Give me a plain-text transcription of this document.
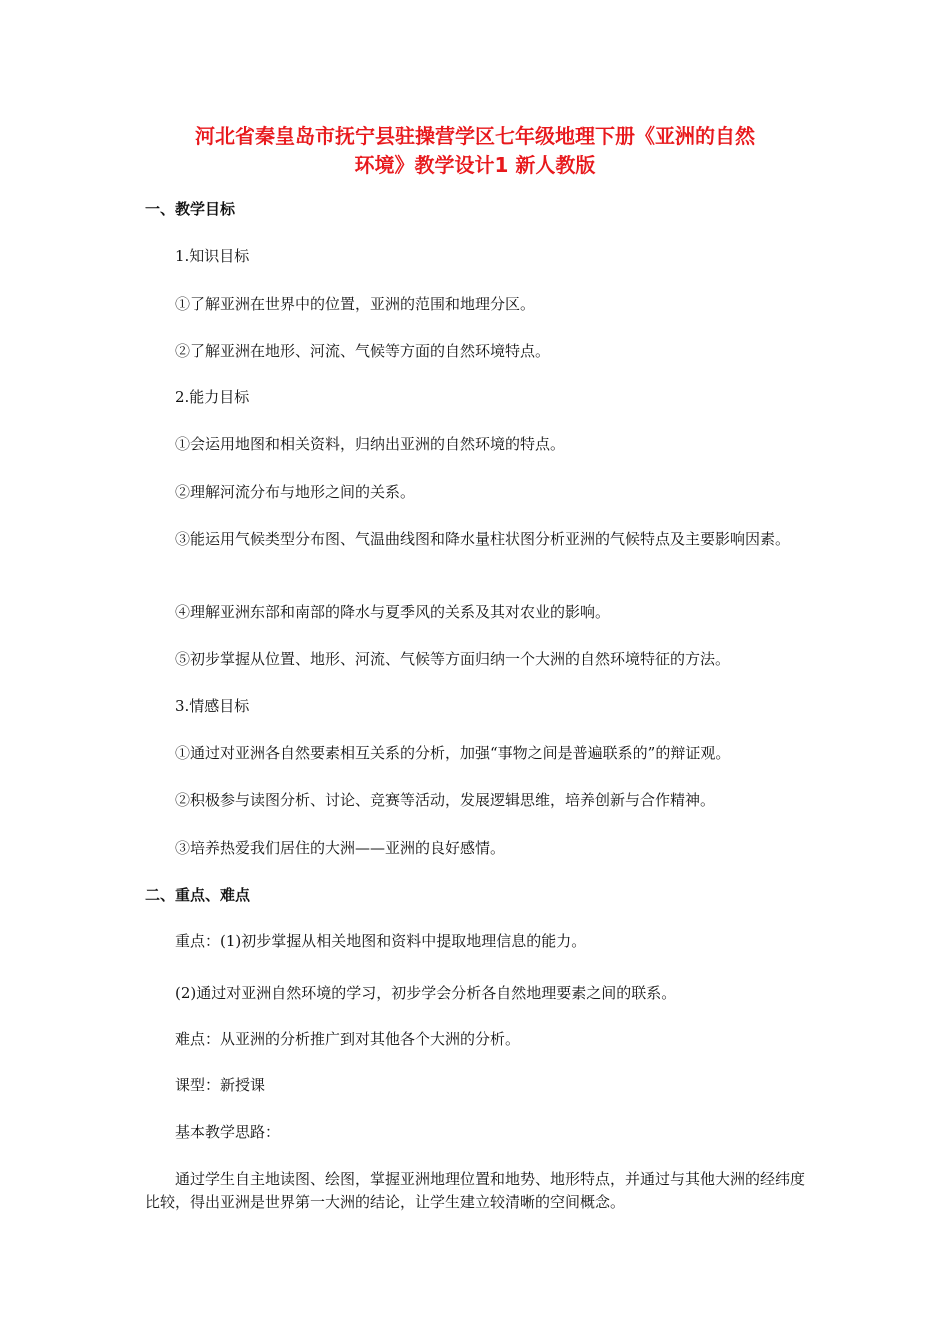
河北省秦皇岛市抚宁县驻操营学区七年级地理下册《亚洲的自然
环境》教学设计1 新人教版
一、教学目标
1.知识目标
①了解亚洲在世界中的位置，亚洲的范围和地理分区。
②了解亚洲在地形、河流、气候等方面的自然环境特点。
2.能力目标
①会运用地图和相关资料，归纳出亚洲的自然环境的特点。
②理解河流分布与地形之间的关系。
③能运用气候类型分布图、气温曲线图和降水量柱状图分析亚洲的气候特点及主要影响因素。
④理解亚洲东部和南部的降水与夏季风的关系及其对农业的影响。
⑤初步掌握从位置、地形、河流、气候等方面归纳一个大洲的自然环境特征的方法。
3.情感目标
①通过对亚洲各自然要素相互关系的分析，加强“事物之间是普遍联系的”的辩证观。
②积极参与读图分析、讨论、竞赛等活动，发展逻辑思维，培养创新与合作精神。
③培养热爱我们居住的大洲——亚洲的良好感情。
二、重点、难点
重点：(1)初步掌握从相关地图和资料中提取地理信息的能力。
(2)通过对亚洲自然环境的学习，初步学会分析各自然地理要素之间的联系。
难点：从亚洲的分析推广到对其他各个大洲的分析。
课型：新授课
基本教学思路：
通过学生自主地读图、绘图，掌握亚洲地理位置和地势、地形特点，并通过与其他大洲的经纬度比较，得出亚洲是世界第一大洲的结论，让学生建立较清晰的空间概念。
